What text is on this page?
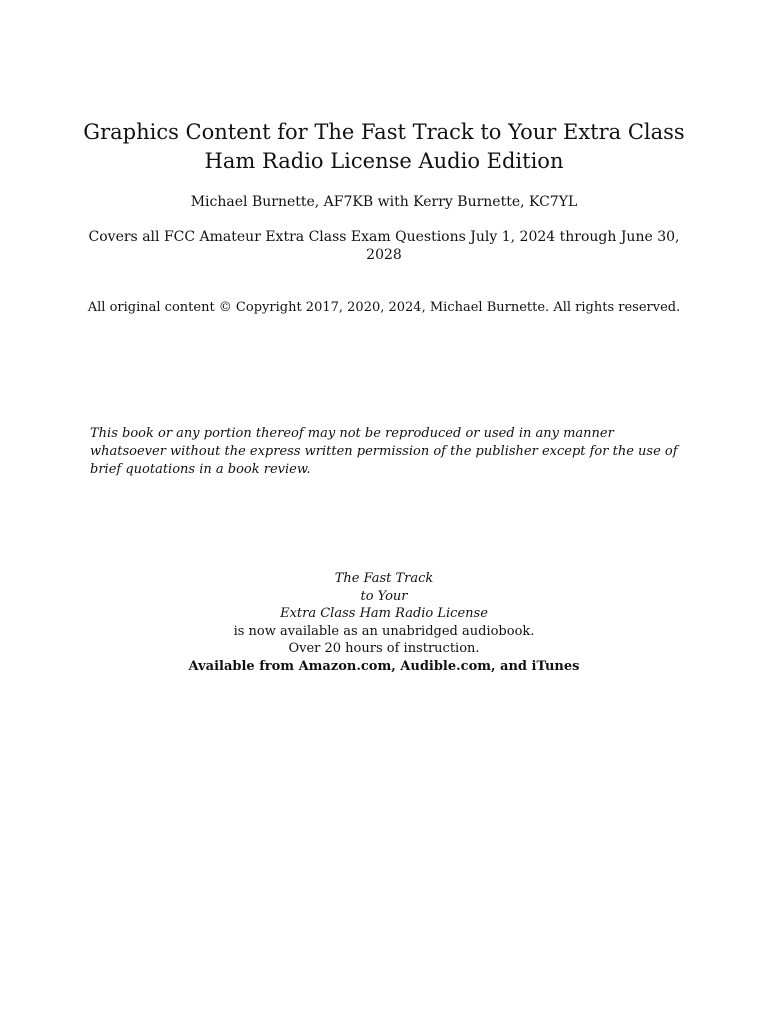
Graphics Content for The Fast Track to Your Extra Class
Ham Radio License Audio Edition
Michael Burnette, AF7KB with Kerry Burnette, KC7YL
Covers all FCC Amateur Extra Class Exam Questions July 1, 2024 through June 30, 2028
All original content © Copyright 2017, 2020, 2024, Michael Burnette. All rights reserved.
This book or any portion thereof may not be reproduced or used in any manner whatsoever without the express written permission of the publisher except for the use of brief quotations in a book review.
The Fast Track
to Your
Extra Class Ham Radio License
is now available as an unabridged audiobook.
Over 20 hours of instruction.
Available from Amazon.com, Audible.com, and iTunes
